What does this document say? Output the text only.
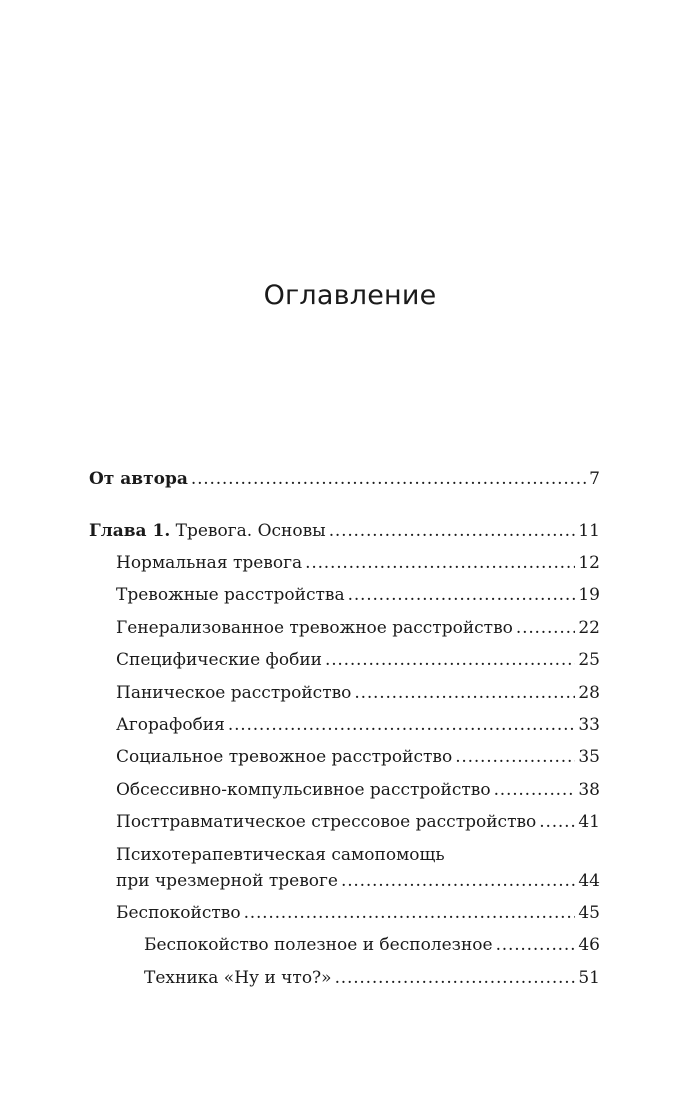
Оглавление
От автора . . .	7
Глава 1. Тревога. Основы . . .	11
Нормальная тревога . . .	12
Тревожные расстройства . . .	19
Генерализованное тревожное расстройство . . .	22
Специфические фобии . . .	25
Паническое расстройство . . .	28
Агорафобия . . .	33
Социальное тревожное расстройство . . .	35
Обсессивно-компульсивное расстройство . . .	38
Посттравматическое стрессовое расстройство . . . 41
Психотерапевтическая самопомощь
при чрезмерной тревоге . . .	44
Беспокойство . . .	45
Беспокойство полезное и бесполезное . . .	46
Техника «Ну и что?» . . .	51
